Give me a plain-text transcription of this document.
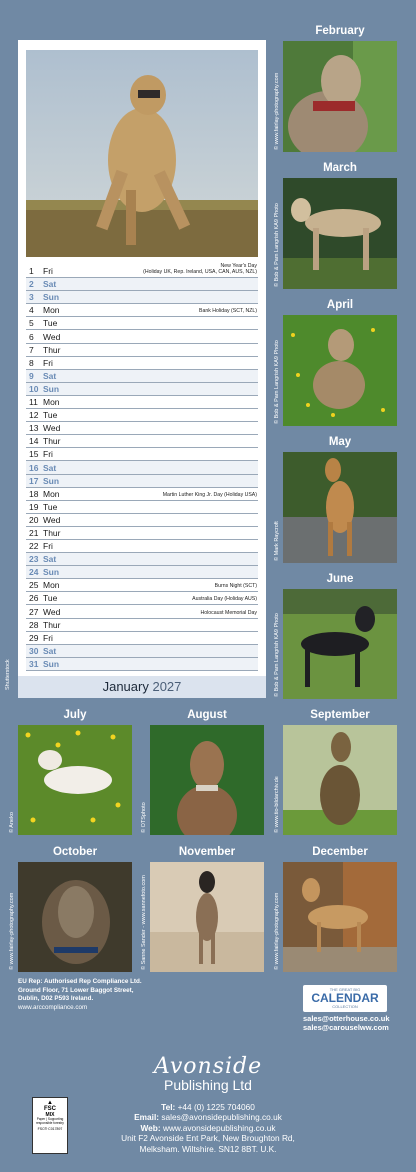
Shutterstock
1	Fri	New Year's Day
(Holiday UK, Rep. Ireland, USA, CAN, AUS, NZL)
2	Sat
3	Sun
4	Mon	Bank Holiday (SCT, NZL)
5	Tue
6	Wed
7	Thur
8	Fri
9	Sat
10 Sun
11 Mon
12 Tue
13 Wed
14 Thur
15 Fri
16 Sat
17 Sun
18 Mon	Martin Luther King Jr. Day (Holiday USA)
19 Tue
20 Wed
21 Thur
22 Fri
23 Sat
24 Sun
25 Mon	Burns Night (SCT)
26 Tue	Australia Day (Holiday AUS)
27 Wed	Holocaust Memorial Day
28 Thur
29 Fri
30 Sat
31 Sun
January 2027
February
© www.fairlay-photography.com
March
© Bob & Pam Langrish KA9 Photo
April
© Bob & Pam Langrish KA9 Photo
May
© Mark Raycroft
June
© Bob & Pam Langrish KA9 Photo
July
© Aneko
August
© OTSphoto
September
© www.tio-bildarchiv.de
October
© www.fairlay-photography.com
November
© Sanne Sander - www.sannefoto.com
December
© www.fairlay-photography.com
EU Rep: Authorised Rep Compliance Ltd.
Ground Floor, 71 Lower Baggot Street,
Dublin, D02 P593 Ireland.
www.arccompliance.com
THE GREAT BIG
CALENDAR
COLLECTION
sales@otterhouse.co.uk
sales@carouselww.com
Avonside
Publishing Ltd
Tel: +44 (0) 1225 704060
Email: sales@avonsidepublishing.co.uk
Web: www.avonsidepublishing.co.uk
Unit F2 Avonside Ent Park, New Broughton Rd,
Melksham. Wiltshire. SN12 8BT. U.K.
▲
FSC
MIX
Paper | Supporting responsible forestry
FSC® C017897
